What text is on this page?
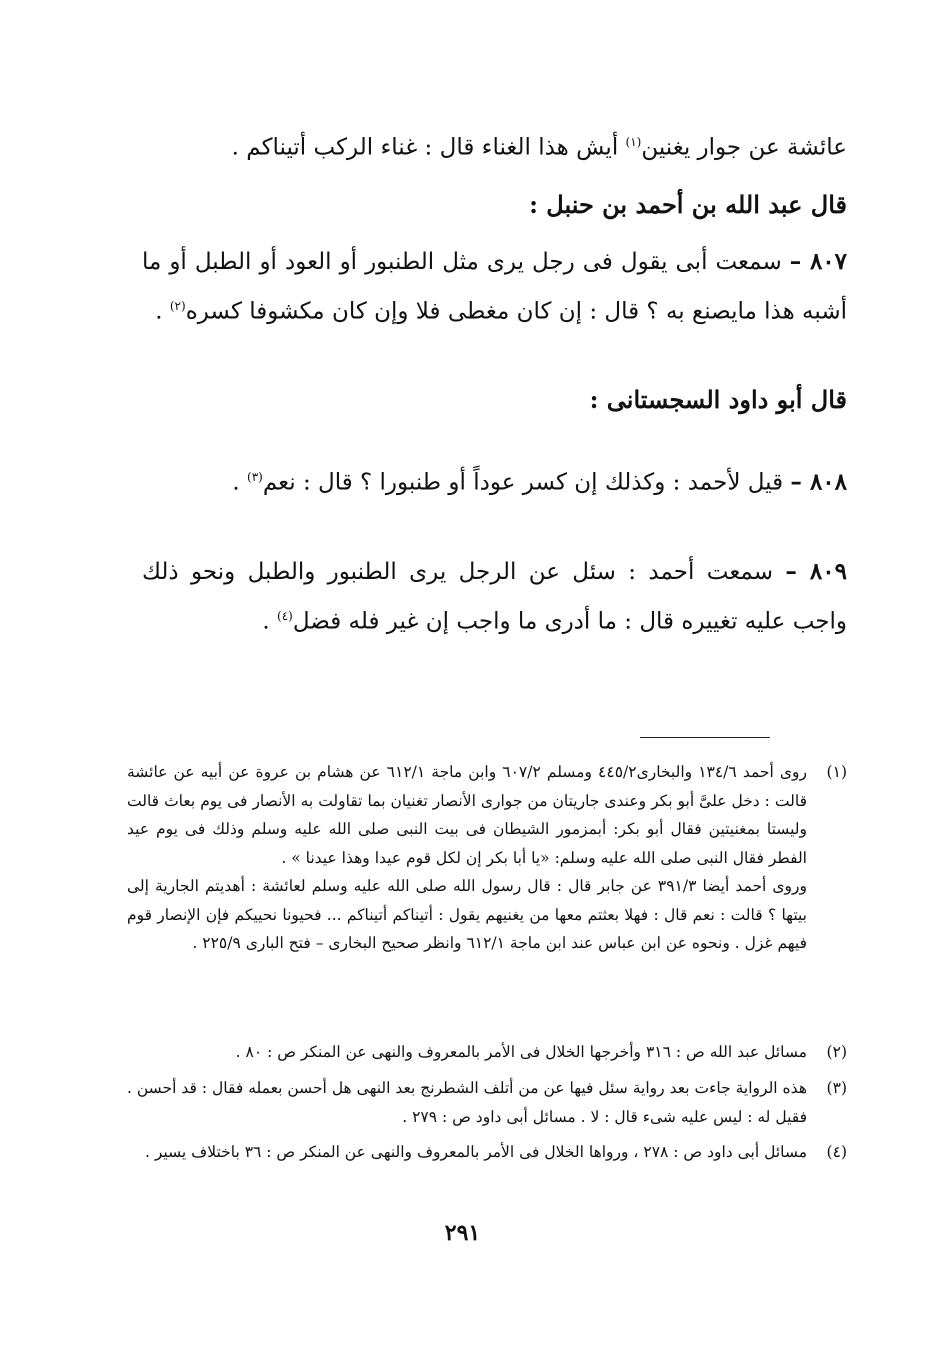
عائشة عن جوار يغنين$^{(١)}$ أيش هذا الغناء قال : غناء الركب أتيناكم .
قال عبد الله بن أحمد بن حنبل :
٨٠٧ – سمعت أبى يقول فى رجل يرى مثل الطنبور أو العود أو الطبل أو ما أشبه هذا مايصنع به ؟ قال : إن كان مغطى فلا وإن كان مكشوفا كسره$^{(٢)}$ .
قال أبو داود السجستانى :
٨٠٨ – قيل لأحمد : وكذلك إن كسر عوداً أو طنبورا ؟ قال : نعم$^{(٣)}$ .
٨٠٩ – سمعت أحمد : سئل عن الرجل يرى الطنبور والطبل ونحو ذلك واجب عليه تغييره قال : ما أدرى ما واجب إن غير فله فضل$^{(٤)}$ .
(١)

روى أحمد ١٣٤/٦ والبخارى٤٤٥/٢ ومسلم ٦٠٧/٢ وابن ماجة ٦١٢/١ عن هشام بن عروة عن أبيه عن عائشة قالت : دخل علىَّ أبو بكر وعندى جاريتان من جوارى الأنصار تغنيان بما تقاولت به الأنصار فى يوم بعاث قالت وليستا بمغنيتين فقال أبو بكر: أبمزمور الشيطان فى بيت النبى صلى الله عليه وسلم وذلك فى يوم عيد الفطر فقال النبى صلى الله عليه وسلم: «يا أبا بكر إن لكل قوم عيدا وهذا عيدنا » .

وروى أحمد أيضا ٣٩١/٣ عن جابر قال : قال رسول الله صلى الله عليه وسلم لعائشة : أهديتم الجارية إلى بيتها ؟ قالت : نعم قال : فهلا بعثتم معها من يغنيهم يقول : أتيناكم أتيناكم ... فحيونا نحييكم فإن الإنصار قوم فيهم غزل . ونحوه عن ابن عباس عند ابن ماجة ٦١٢/١ وانظر صحيح البخارى – فتح البارى ٢٢٥/٩ .

(٢)

مسائل عبد الله ص : ٣١٦ وأخرجها الخلال فى الأمر بالمعروف والنهى عن المنكر ص : ٨٠ .

(٣)

هذه الرواية جاءت بعد رواية سئل فيها عن من أتلف الشطرنج بعد النهى هل أحسن بعمله فقال : قد أحسن . فقيل له : ليس عليه شىء قال : لا . مسائل أبى داود ص : ٢٧٩ .

(٤)

مسائل أبى داود ص : ٢٧٨ ، ورواها الخلال فى الأمر بالمعروف والنهى عن المنكر ص : ٣٦ باختلاف يسير .

٢٩١
